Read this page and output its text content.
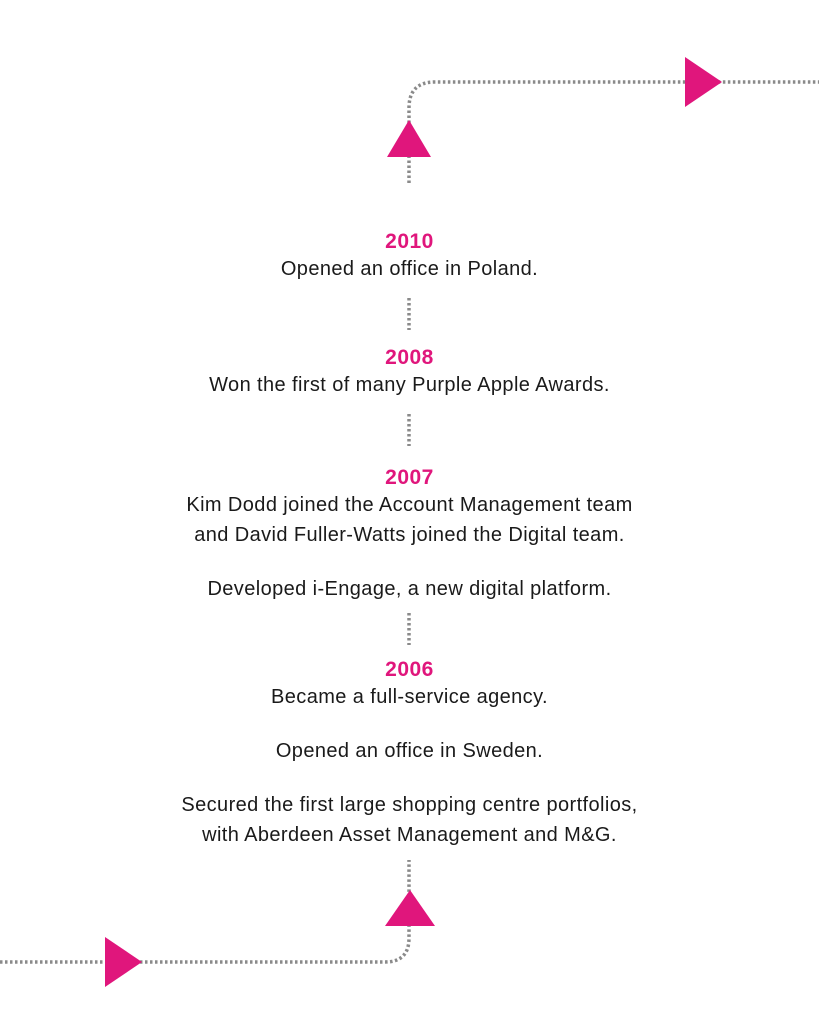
2010
Opened an office in Poland.
2008
Won the first of many Purple Apple Awards.
2007
Kim Dodd joined the Account Management team
and David Fuller-Watts joined the Digital team.
Developed i-Engage, a new digital platform.
2006
Became a full-service agency.
Opened an office in Sweden.
Secured the first large shopping centre portfolios,
with Aberdeen Asset Management and M&G.
